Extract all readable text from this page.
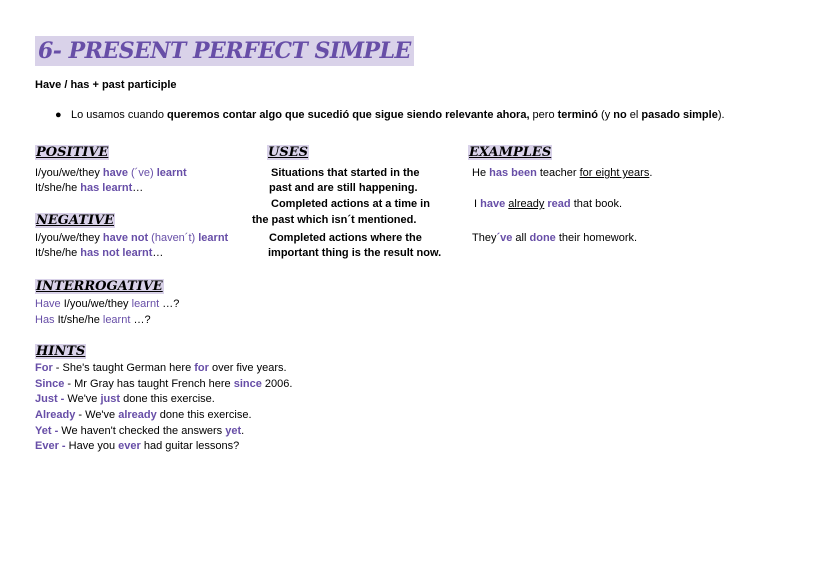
6- PRESENT PERFECT SIMPLE
Have / has + past participle
● Lo usamos cuando queremos contar algo que sucedió que sigue siendo relevante ahora, pero terminó (y no el pasado simple).
POSITIVE
I/you/we/they have (´ve) learnt
It/she/he has learnt…
NEGATIVE
I/you/we/they have not (haven´t) learnt
It/she/he has not learnt…
INTERROGATIVE
Have I/you/we/they learnt …?
Has It/she/he learnt …?
HINTS
For - She's taught German here for over five years.
Since - Mr Gray has taught French here since 2006.
Just - We've just done this exercise.
Already - We've already done this exercise.
Yet - We haven't checked the answers yet.
Ever - Have you ever had guitar lessons?
USES
Situations that started in the
past and are still happening.
Completed actions at a time in
the past which isn´t mentioned.
Completed actions where the
important thing is the result now.
EXAMPLES
He has been teacher for eight years.
I have already read that book.
They´ve all done their homework.
